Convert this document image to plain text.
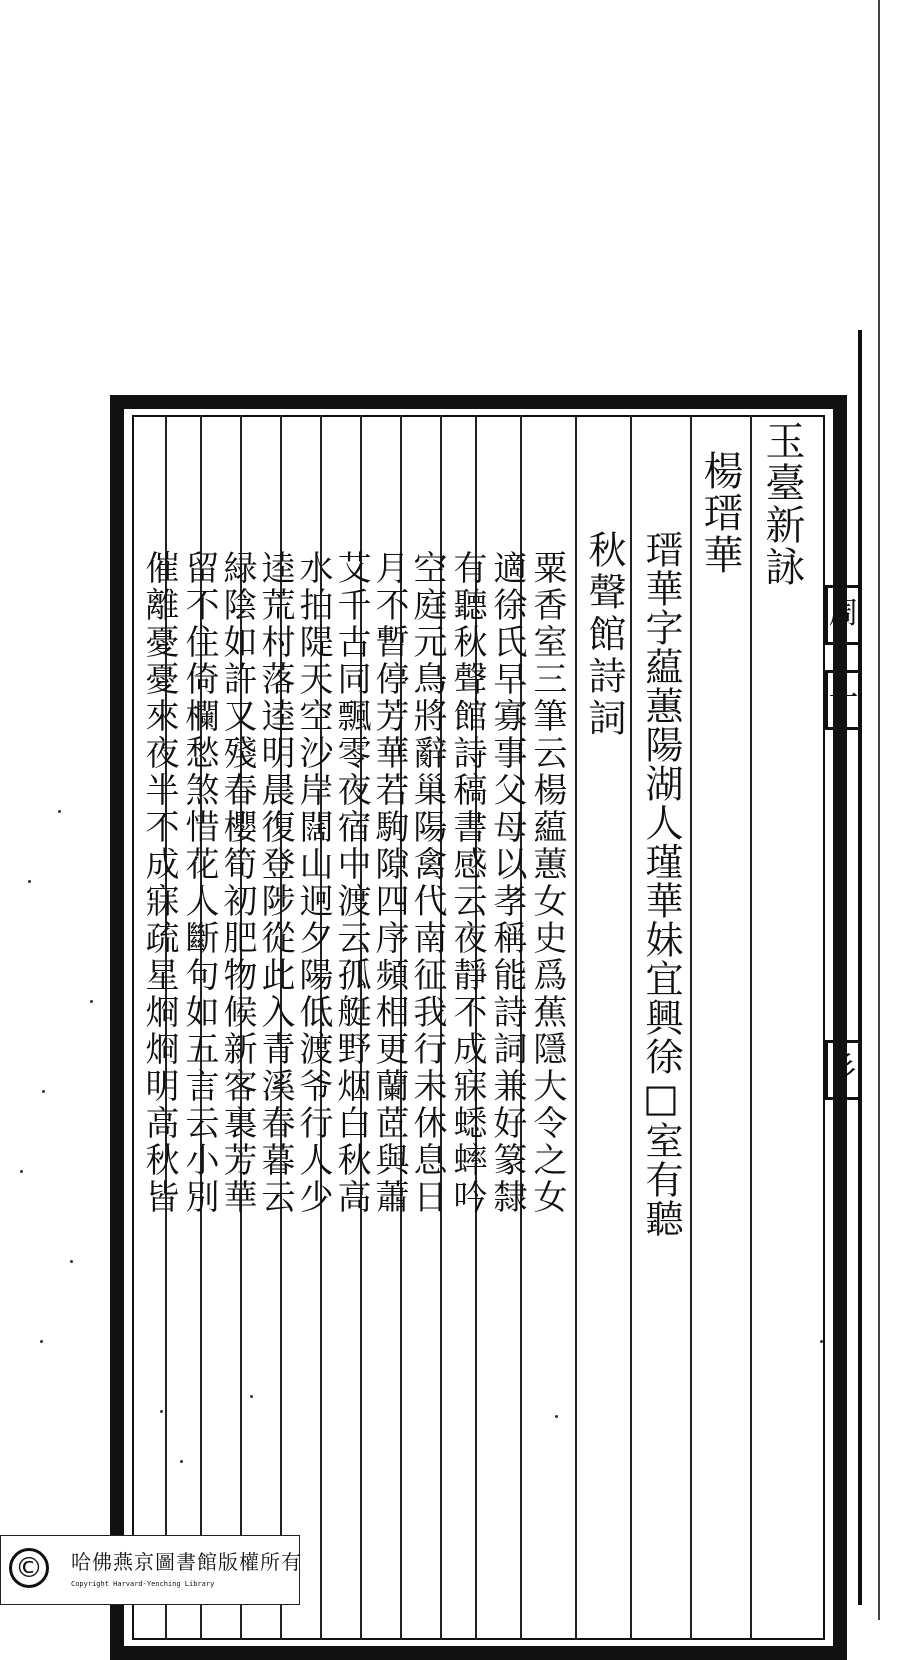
周
一
彡
玉臺新詠
楊瑨華
瑨華字藴蕙陽湖人瑾華妹宜興徐□室有聽
秋聲館詩詞
粟香室三筆云楊藴蕙女史爲蕉隱大令之女
適徐氏早寡事父母以孝稱能詩詞兼好篆隸
有聽秋聲館詩稿書感云夜靜不成寐蟋蟀吟
空庭元鳥將辭巢陽禽代南征我行未休息日
月不暫停芳華若駒隙四序頻相更蘭茝與蕭
艾千古同飄零夜宿中渡云孤艇野烟白秋高
水拍隄天空沙岸闊山迥夕陽低渡爷行人少
逵荒村落逵明晨復登陟從此入青溪春暮云
緑陰如許又殘春櫻筍初肥物候新客裏芳華
留不住倚欄愁煞惜花人斷句如五言云小別
催離憂憂來夜半不成寐疏星烱烱明高秋皆
©	哈佛燕京圖書館版權所有
Copyright Harvard-Yenching Library
